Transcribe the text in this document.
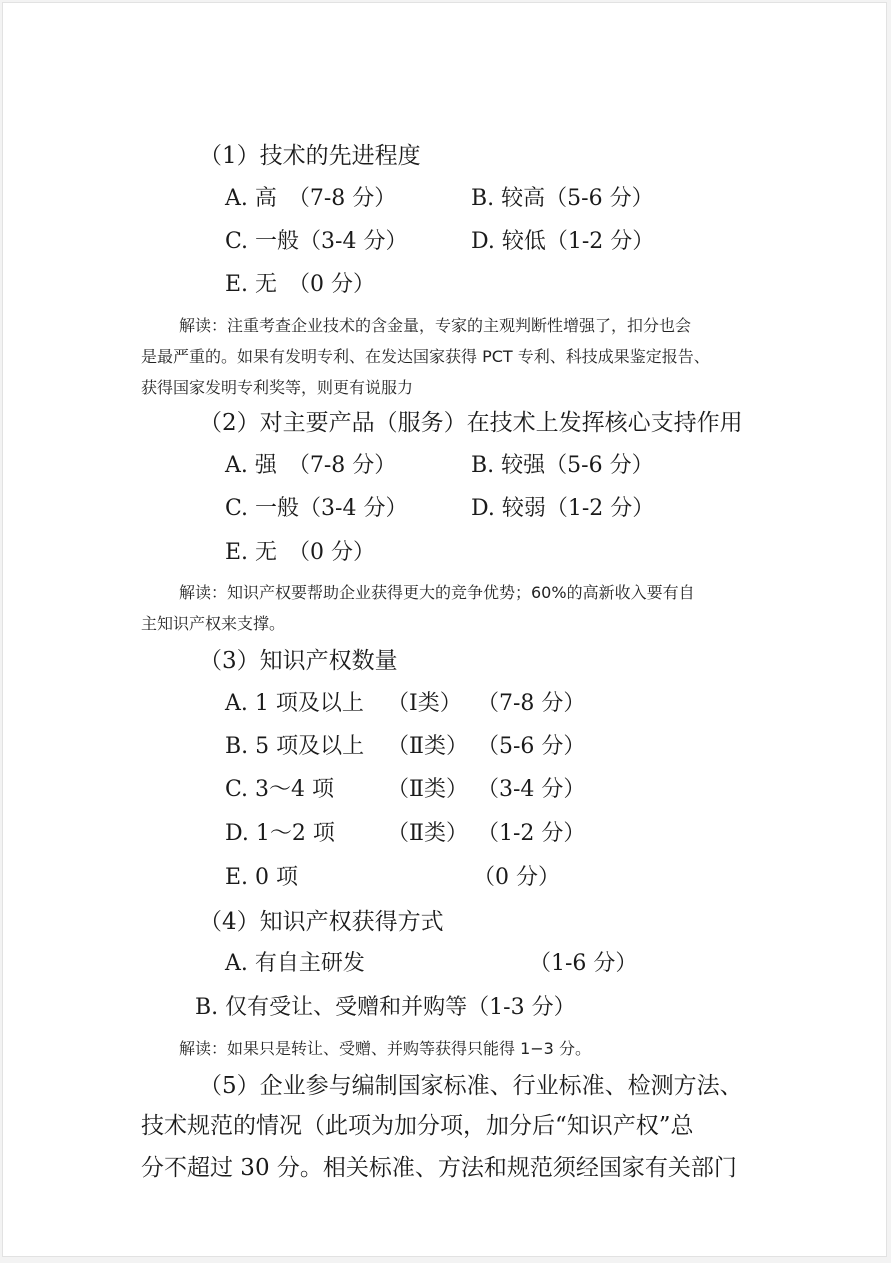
（1）技术的先进程度
A. 高　（7-8 分）	B. 较高（5-6 分）
C. 一般（3-4 分）	D. 较低（1-2 分）
E. 无　（0 分）
解读：注重考查企业技术的含金量，专家的主观判断性增强了，扣分也会
是最严重的。如果有发明专利、在发达国家获得 PCT 专利、科技成果鉴定报告、
获得国家发明专利奖等，则更有说服力
（2）对主要产品（服务）在技术上发挥核心支持作用
A. 强　（7-8 分）	B. 较强（5-6 分）
C. 一般（3-4 分）	D. 较弱（1-2 分）
E. 无　（0 分）
解读：知识产权要帮助企业获得更大的竞争优势；60%的高新收入要有自
主知识产权来支撑。
（3）知识产权数量
A. 1 项及以上 （Ⅰ类） （7-8 分）
B. 5 项及以上 （Ⅱ类） （5-6 分）
C. 3～4 项 （Ⅱ类） （3-4 分）
D. 1～2 项 （Ⅱ类） （1-2 分）
E. 0 项	（0 分）
（4）知识产权获得方式
A. 有自主研发	（1-6 分）
B. 仅有受让、受赠和并购等（1-3 分）
解读：如果只是转让、受赠、并购等获得只能得 1−3 分。
（5）企业参与编制国家标准、行业标准、检测方法、
技术规范的情况（此项为加分项，加分后“知识产权”总
分不超过 30 分。相关标准、方法和规范须经国家有关部门
